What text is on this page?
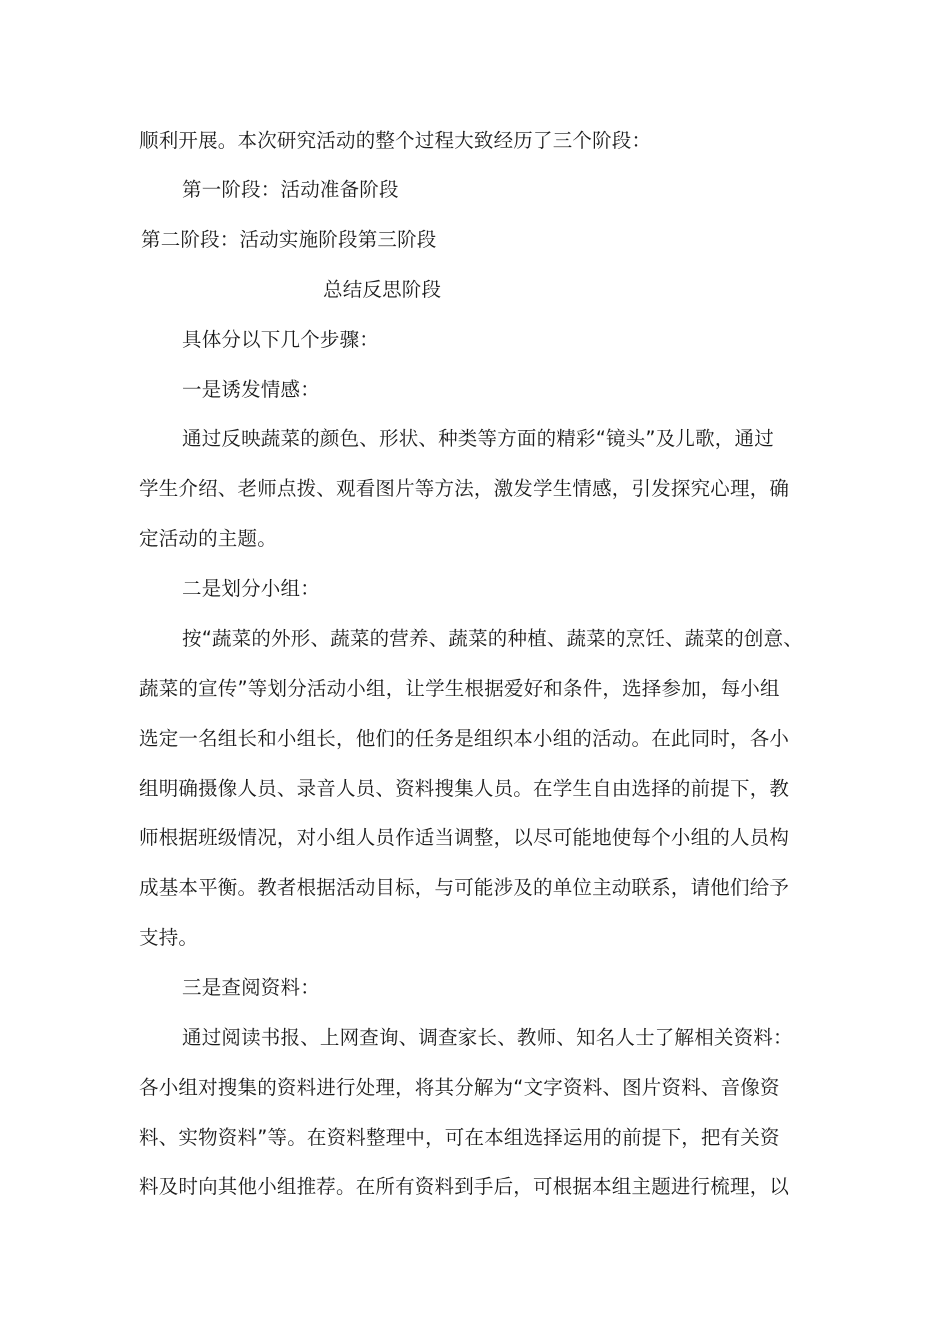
顺利开展。本次研究活动的整个过程大致经历了三个阶段：

第一阶段：活动准备阶段

第二阶段：活动实施阶段第三阶段

总结反思阶段

具体分以下几个步骤：

一是诱发情感：

通过反映蔬菜的颜色、形状、种类等方面的精彩“镜头”及儿歌，通过

学生介绍、老师点拨、观看图片等方法，激发学生情感，引发探究心理，确

定活动的主题。

二是划分小组：

按“蔬菜的外形、蔬菜的营养、蔬菜的种植、蔬菜的烹饪、蔬菜的创意、

蔬菜的宣传”等划分活动小组，让学生根据爱好和条件，选择参加，每小组

选定一名组长和小组长，他们的任务是组织本小组的活动。在此同时，各小

组明确摄像人员、录音人员、资料搜集人员。在学生自由选择的前提下，教

师根据班级情况，对小组人员作适当调整，以尽可能地使每个小组的人员构

成基本平衡。教者根据活动目标，与可能涉及的单位主动联系，请他们给予

支持。

三是查阅资料：

通过阅读书报、上网查询、调查家长、教师、知名人士了解相关资料：

各小组对搜集的资料进行处理，将其分解为“文字资料、图片资料、音像资

料、实物资料”等。在资料整理中，可在本组选择运用的前提下，把有关资

料及时向其他小组推荐。在所有资料到手后，可根据本组主题进行梳理，以
